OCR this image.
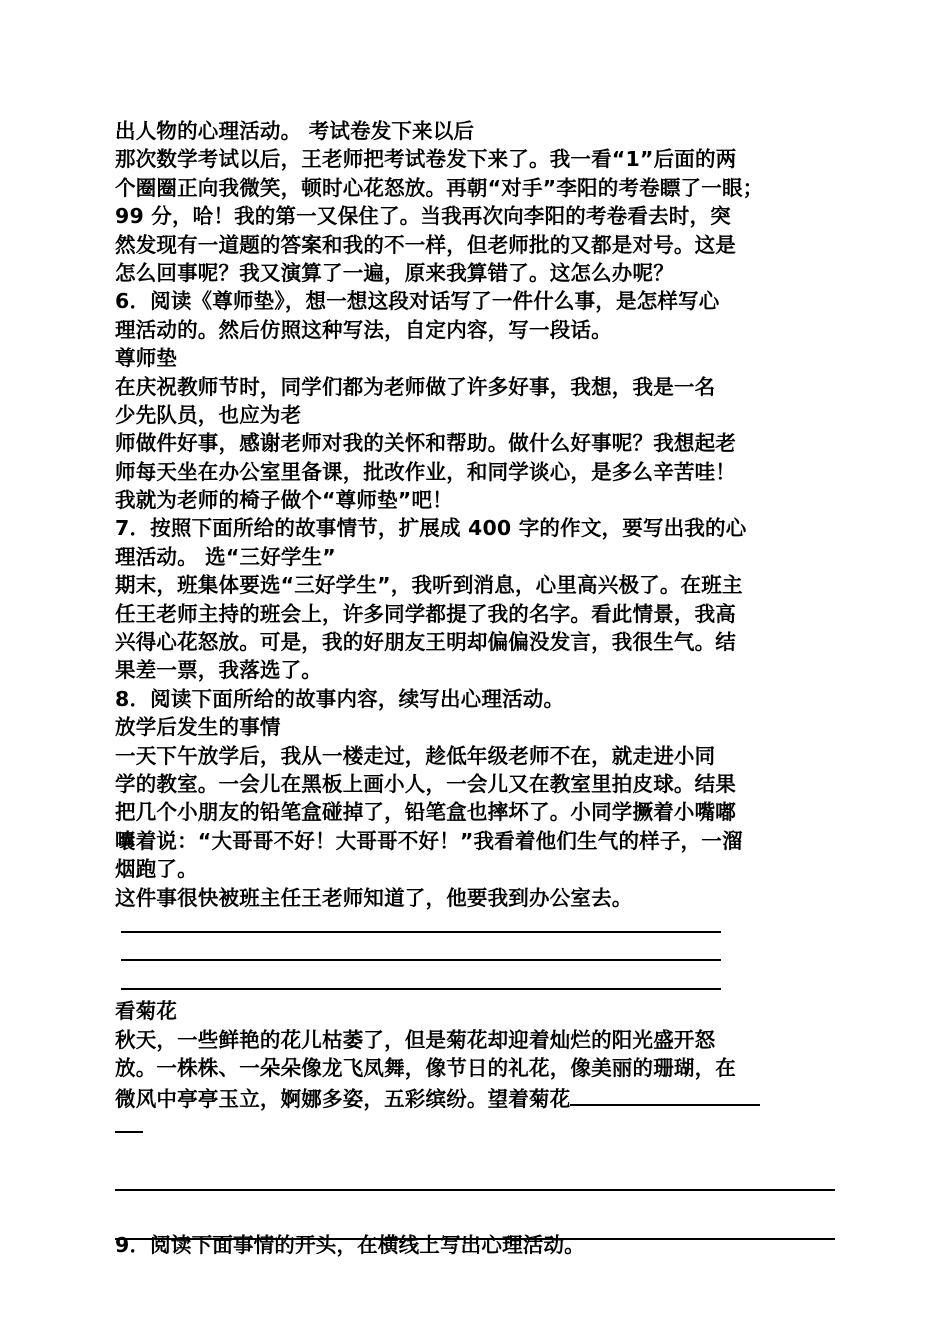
出人物的心理活动。 考试卷发下来以后
那次数学考试以后，王老师把考试卷发下来了。我一看“1”后面的两
个圈圈正向我微笑，顿时心花怒放。再朝“对手”李阳的考卷瞟了一眼；
99 分，哈！我的第一又保住了。当我再次向李阳的考卷看去时，突
然发现有一道题的答案和我的不一样，但老师批的又都是对号。这是
怎么回事呢？我又演算了一遍，原来我算错了。这怎么办呢？
6．阅读《尊师垫》，想一想这段对话写了一件什么事，是怎样写心
理活动的。然后仿照这种写法，自定内容，写一段话。
尊师垫
在庆祝教师节时，同学们都为老师做了许多好事，我想，我是一名
少先队员，也应为老
师做件好事，感谢老师对我的关怀和帮助。做什么好事呢？我想起老
师每天坐在办公室里备课，批改作业，和同学谈心，是多么辛苦哇！
我就为老师的椅子做个“尊师垫”吧！
7．按照下面所给的故事情节，扩展成 400 字的作文，要写出我的心
理活动。 选“三好学生”
期末，班集体要选“三好学生”，我听到消息，心里高兴极了。在班主
任王老师主持的班会上，许多同学都提了我的名字。看此情景，我高
兴得心花怒放。可是，我的好朋友王明却偏偏没发言，我很生气。结
果差一票，我落选了。
8．阅读下面所给的故事内容，续写出心理活动。
放学后发生的事情
一天下午放学后，我从一楼走过，趁低年级老师不在，就走进小同
学的教室。一会儿在黑板上画小人，一会儿又在教室里拍皮球。结果
把几个小朋友的铅笔盒碰掉了，铅笔盒也摔坏了。小同学撅着小嘴嘟
囔着说：“大哥哥不好！大哥哥不好！”我看着他们生气的样子，一溜
烟跑了。
这件事很快被班主任王老师知道了，他要我到办公室去。
看菊花
秋天，一些鲜艳的花儿枯萎了，但是菊花却迎着灿烂的阳光盛开怒
放。一株株、一朵朵像龙飞凤舞，像节日的礼花，像美丽的珊瑚，在
微风中亭亭玉立，婀娜多姿，五彩缤纷。望着菊花
9．阅读下面事情的开头，在横线上写出心理活动。
